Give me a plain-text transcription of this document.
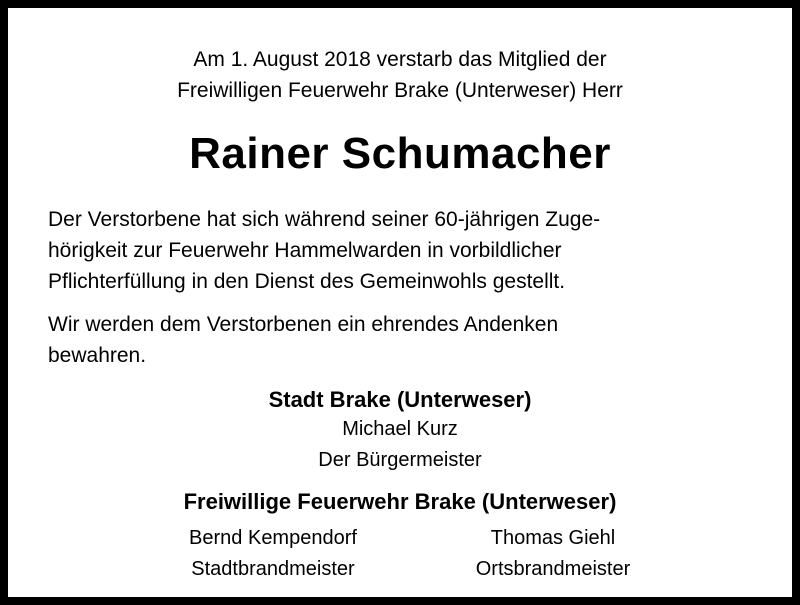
Am 1. August 2018 verstarb das Mitglied der
Freiwilligen Feuerwehr Brake (Unterweser) Herr
Rainer Schumacher
Der Verstorbene hat sich während seiner 60-jährigen Zuge-
hörigkeit zur Feuerwehr Hammelwarden in vorbildlicher
Pflichterfüllung in den Dienst des Gemeinwohls gestellt.
Wir werden dem Verstorbenen ein ehrendes Andenken
bewahren.
Stadt Brake (Unterweser)
Michael Kurz
Der Bürgermeister
Freiwillige Feuerwehr Brake (Unterweser)
Bernd Kempendorf
Stadtbrandmeister
Thomas Giehl
Ortsbrandmeister
